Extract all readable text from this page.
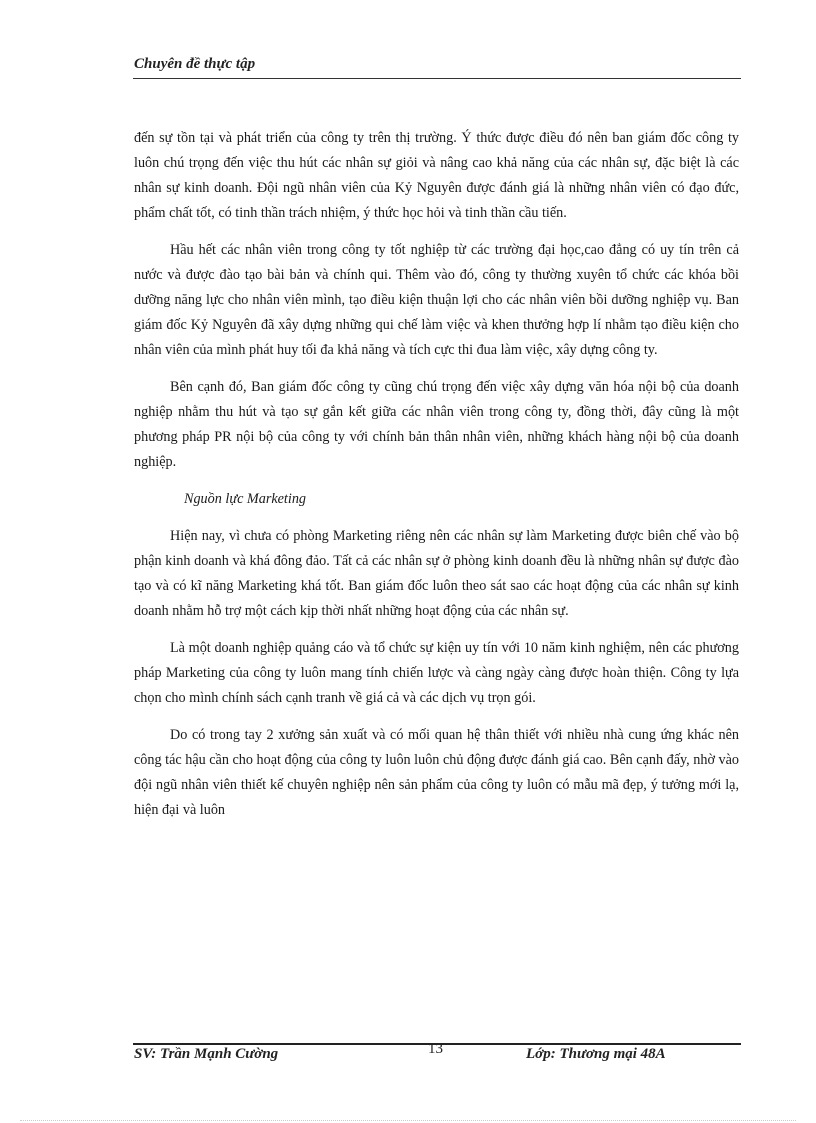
Chuyên đề thực tập

đến sự tồn tại và phát triển của công ty trên thị trường. Ý thức được điều đó nên ban giám đốc công ty luôn chú trọng đến việc thu hút các nhân sự giỏi và nâng cao khả năng của các nhân sự, đặc biệt là các nhân sự kinh doanh. Đội ngũ nhân viên của Kỷ Nguyên được đánh giá là những nhân viên có đạo đức, phẩm chất tốt, có tinh thần trách nhiệm, ý thức học hỏi và tinh thần cầu tiến.

Hầu hết các nhân viên trong công ty tốt nghiệp từ các trường đại học,cao đẳng có uy tín trên cả nước và được đào tạo bài bản và chính qui. Thêm vào đó, công ty thường xuyên tổ chức các khóa bồi dưỡng năng lực cho nhân viên mình, tạo điều kiện thuận lợi cho các nhân viên bồi dưỡng nghiệp vụ. Ban giám đốc Kỷ Nguyên đã xây dựng những qui chế làm việc và khen thưởng hợp lí nhằm tạo điều kiện cho nhân viên của mình phát huy tối đa khả năng và tích cực thi đua làm việc, xây dựng công ty.

Bên cạnh đó, Ban giám đốc công ty cũng chú trọng đến việc xây dựng văn hóa nội bộ của doanh nghiệp nhằm thu hút và tạo sự gắn kết giữa các nhân viên trong công ty, đồng thời, đây cũng là một phương pháp PR nội bộ của công ty với chính bản thân nhân viên, những khách hàng nội bộ của doanh nghiệp.

Nguồn lực Marketing

Hiện nay, vì chưa có phòng Marketing riêng nên các nhân sự làm Marketing được biên chế vào bộ phận kinh doanh và khá đông đảo. Tất cả các nhân sự ở phòng kinh doanh đều là những nhân sự được đào tạo và có kĩ năng Marketing khá tốt. Ban giám đốc luôn theo sát sao các hoạt động của các nhân sự kinh doanh nhằm hỗ trợ một cách kịp thời nhất những hoạt động của các nhân sự.

Là một doanh nghiệp quảng cáo và tổ chức sự kiện uy tín với 10 năm kinh nghiệm, nên các phương pháp Marketing của công ty luôn mang tính chiến lược và càng ngày càng được hoàn thiện. Công ty lựa chọn cho mình chính sách cạnh tranh về giá cả và các dịch vụ trọn gói.

Do có trong tay 2 xưởng sản xuất và có mối quan hệ thân thiết với nhiều nhà cung ứng khác nên công tác hậu cần cho hoạt động của công ty luôn luôn chủ động được đánh giá cao. Bên cạnh đấy, nhờ vào đội ngũ nhân viên thiết kế chuyên nghiệp nên sản phẩm của công ty luôn có mẫu mã đẹp, ý tưởng mới lạ, hiện đại và luôn

SV: Trần Mạnh Cường	13	Lớp: Thương mại 48A
